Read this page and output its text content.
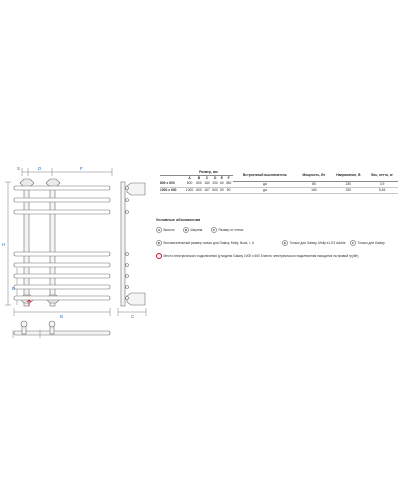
S	D	F
H
E
B	C
	Размер, мм						Встроенный выключатель	Мощность, Вт	Напряжение, В	Вес, нетто, кг
	A	B	C	D	E	F				
800 x 600	800	600	160	200	60	350	да	85	230	3,9
1000 x 600	1000	600	167	500	50	50	да	160	230	5,45
Условные обозначения
A	Высота	B	Ширина	C	Размер от стены
D	Вспомогательный размер только для Galaxy, Molly, Nova, I, U	E	Только для Galaxy, Molly e1-E3 double	F	Только для Galaxy
↑	Место электрического подключения (у модели Galaxy 1000 x 600 5 место электрического подключения находится на правой трубе)
